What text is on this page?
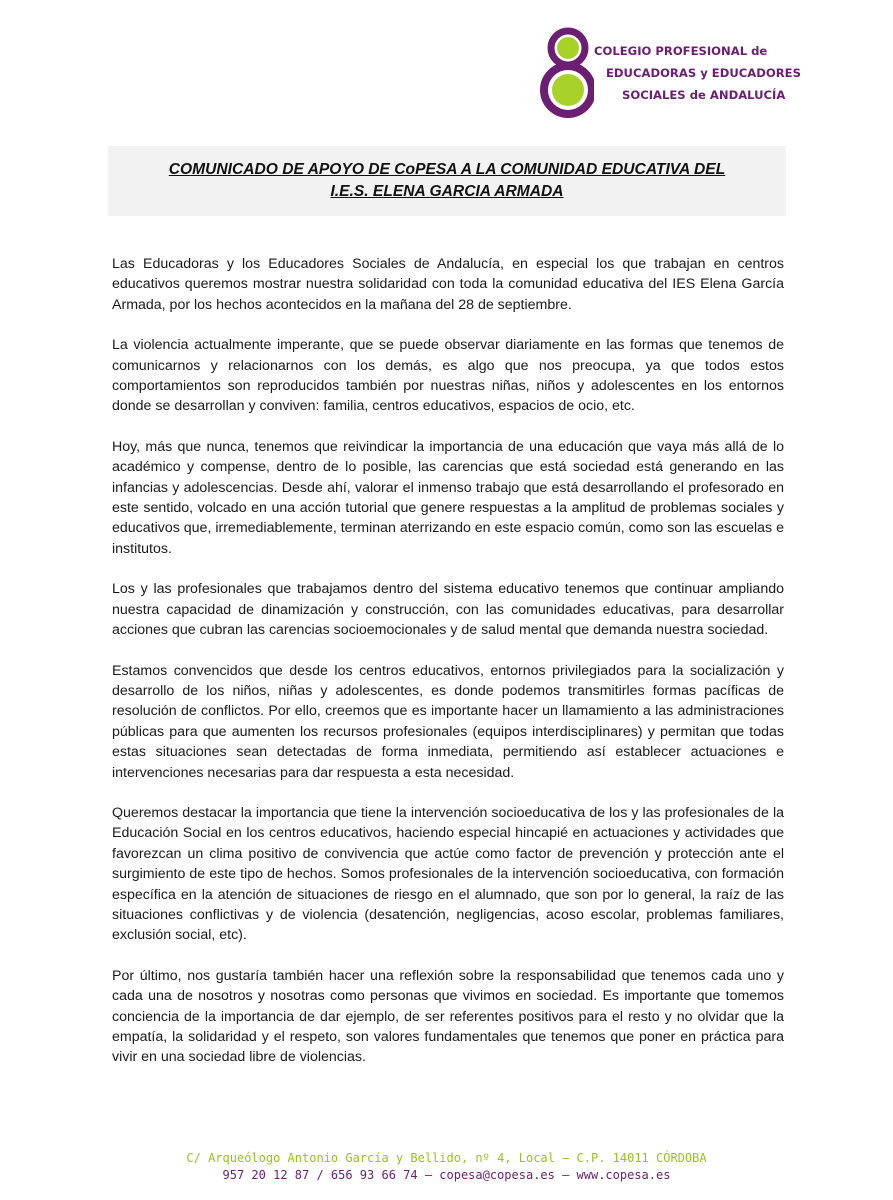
COLEGIO PROFESIONAL de
EDUCADORAS y EDUCADORES
SOCIALES de ANDALUCÍA
COMUNICADO DE APOYO DE CoPESA A LA COMUNIDAD EDUCATIVA DEL
I.E.S. ELENA GARCIA ARMADA

Las Educadoras y los Educadores Sociales de Andalucía, en especial los que trabajan en centros educativos queremos mostrar nuestra solidaridad con toda la comunidad educativa del IES Elena García Armada, por los hechos acontecidos en la mañana del 28 de septiembre.

La violencia actualmente imperante, que se puede observar diariamente en las formas que tenemos de comunicarnos y relacionarnos con los demás, es algo que nos preocupa, ya que todos estos comportamientos son reproducidos también por nuestras niñas, niños y adolescentes en los entornos donde se desarrollan y conviven: familia, centros educativos, espacios de ocio, etc.

Hoy, más que nunca, tenemos que reivindicar la importancia de una educación que vaya más allá de lo académico y compense, dentro de lo posible, las carencias que está sociedad está generando en las infancias y adolescencias. Desde ahí, valorar el inmenso trabajo que está desarrollando el profesorado en este sentido, volcado en una acción tutorial que genere respuestas a la amplitud de problemas sociales y educativos que, irremediablemente, terminan aterrizando en este espacio común, como son las escuelas e institutos.

Los y las profesionales que trabajamos dentro del sistema educativo tenemos que continuar ampliando nuestra capacidad de dinamización y construcción, con las comunidades educativas, para desarrollar acciones que cubran las carencias socioemocionales y de salud mental que demanda nuestra sociedad.

Estamos convencidos que desde los centros educativos, entornos privilegiados para la socialización y desarrollo de los niños, niñas y adolescentes, es donde podemos transmitirles formas pacíficas de resolución de conflictos. Por ello, creemos que es importante hacer un llamamiento a las administraciones públicas para que aumenten los recursos profesionales (equipos interdisciplinares) y permitan que todas estas situaciones sean detectadas de forma inmediata, permitiendo así establecer actuaciones e intervenciones necesarias para dar respuesta a esta necesidad.

Queremos destacar la importancia que tiene la intervención socioeducativa de los y las profesionales de la Educación Social en los centros educativos, haciendo especial hincapié en actuaciones y actividades que favorezcan un clima positivo de convivencia que actúe como factor de prevención y protección ante el surgimiento de este tipo de hechos. Somos profesionales de la intervención socioeducativa, con formación específica en la atención de situaciones de riesgo en el alumnado, que son por lo general, la raíz de las situaciones conflictivas y de violencia (desatención, negligencias, acoso escolar, problemas familiares, exclusión social, etc).

Por último, nos gustaría también hacer una reflexión sobre la responsabilidad que tenemos cada uno y cada una de nosotros y nosotras como personas que vivimos en sociedad. Es importante que tomemos conciencia de la importancia de dar ejemplo, de ser referentes positivos para el resto y no olvidar que la empatía, la solidaridad y el respeto, son valores fundamentales que tenemos que poner en práctica para vivir en una sociedad libre de violencias.

C/ Arqueólogo Antonio García y Bellido, nº 4, Local – C.P. 14011 CÓRDOBA
957 20 12 87 / 656 93 66 74 – copesa@copesa.es – www.copesa.es
